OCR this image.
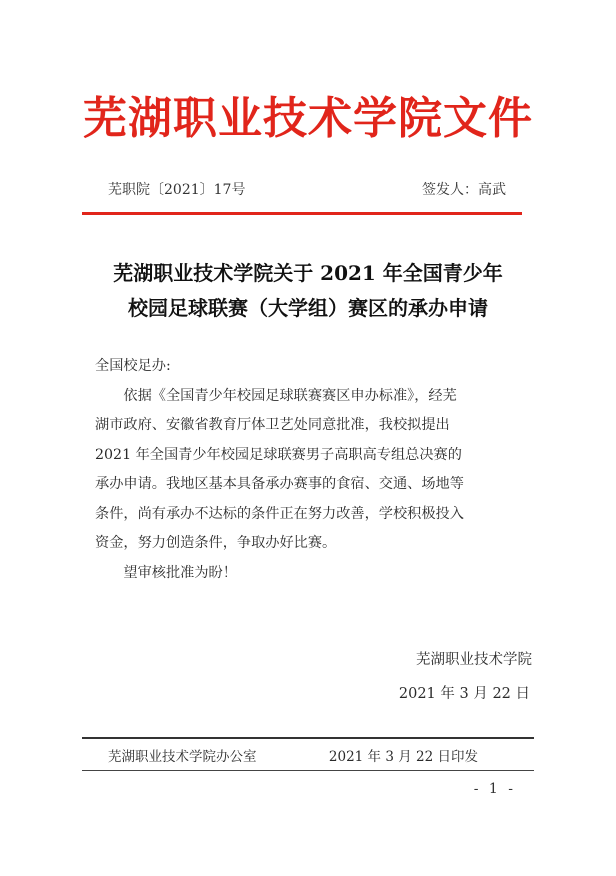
芜湖职业技术学院文件
芜职院〔2021〕17号	签发人：高武
芜湖职业技术学院关于 2021 年全国青少年
校园足球联赛（大学组）赛区的承办申请

全国校足办:

依据《全国青少年校园足球联赛赛区申办标准》，经芜
湖市政府、安徽省教育厅体卫艺处同意批准，我校拟提出
2021 年全国青少年校园足球联赛男子高职高专组总决赛的
承办申请。我地区基本具备承办赛事的食宿、交通、场地等
条件，尚有承办不达标的条件正在努力改善，学校积极投入
资金，努力创造条件，争取办好比赛。

望审核批准为盼！

芜湖职业技术学院
2021 年 3 月 22 日
芜湖职业技术学院办公室	2021 年 3 月 22 日印发
- 1 -
